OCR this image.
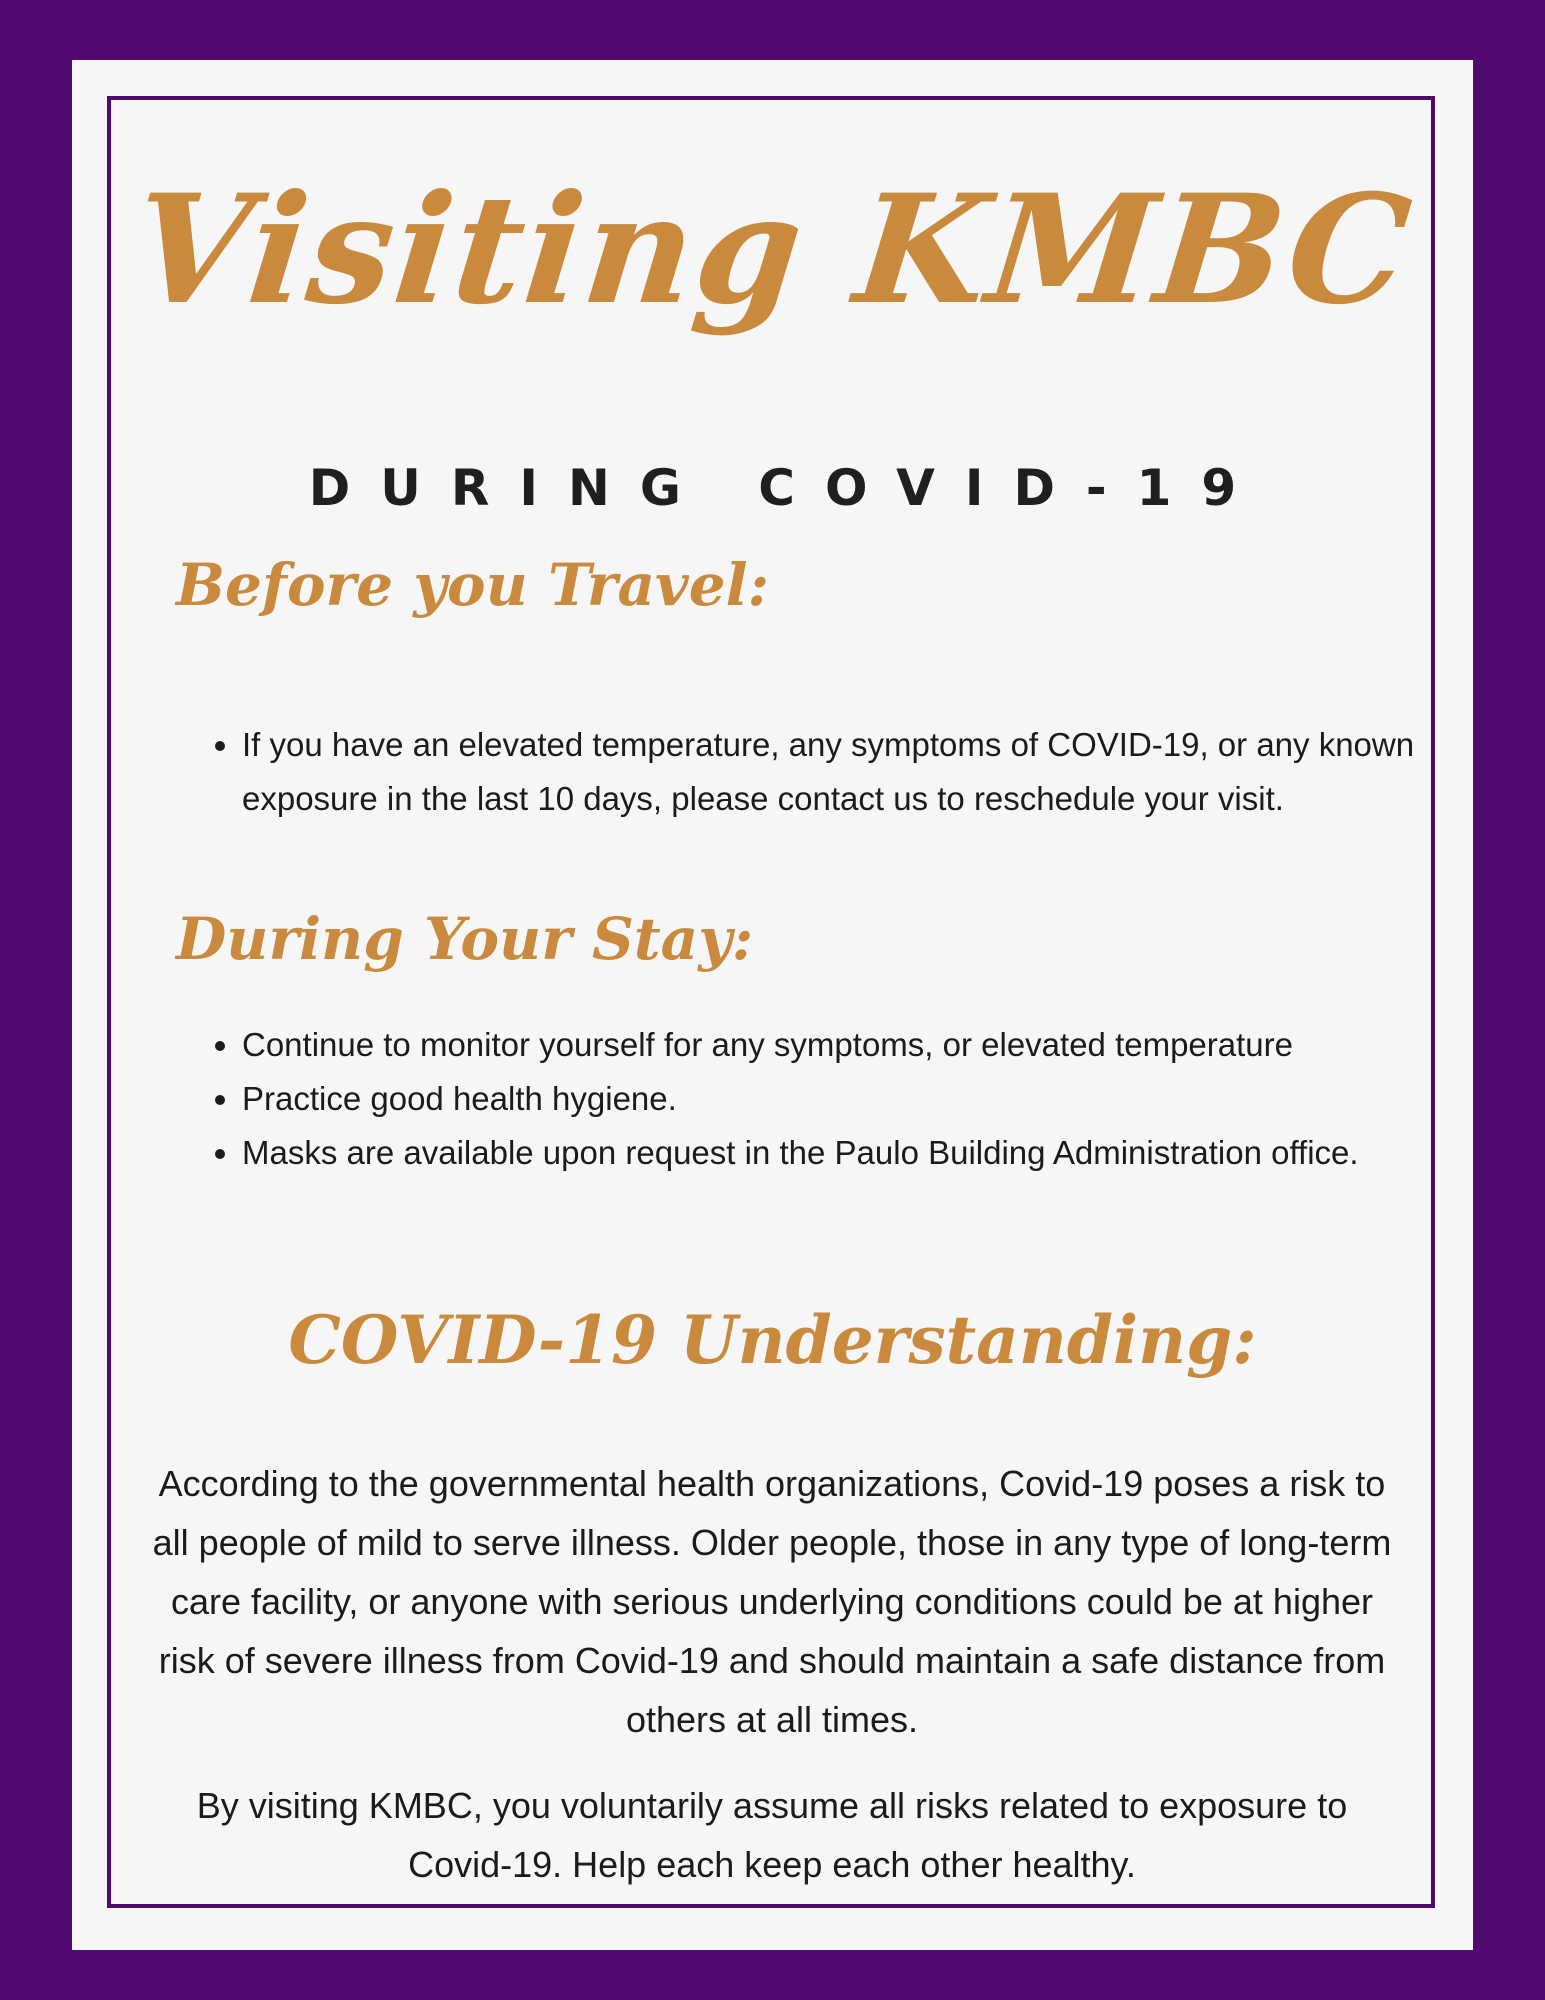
Visiting KMBC
DURING COVID-19
Before you Travel:
• If you have an elevated temperature, any symptoms of COVID-19, or any known exposure in the last 10 days, please contact us to reschedule your visit.
During Your Stay:
• Continue to monitor yourself for any symptoms, or elevated temperature
• Practice good health hygiene.
• Masks are available upon request in the Paulo Building Administration office.
COVID-19 Understanding:

According to the governmental health organizations, Covid-19 poses a risk to all people of mild to serve illness. Older people, those in any type of long-term care facility, or anyone with serious underlying conditions could be at higher risk of severe illness from Covid-19 and should maintain a safe distance from others at all times.

By visiting KMBC, you voluntarily assume all risks related to exposure to Covid-19. Help each keep each other healthy.
